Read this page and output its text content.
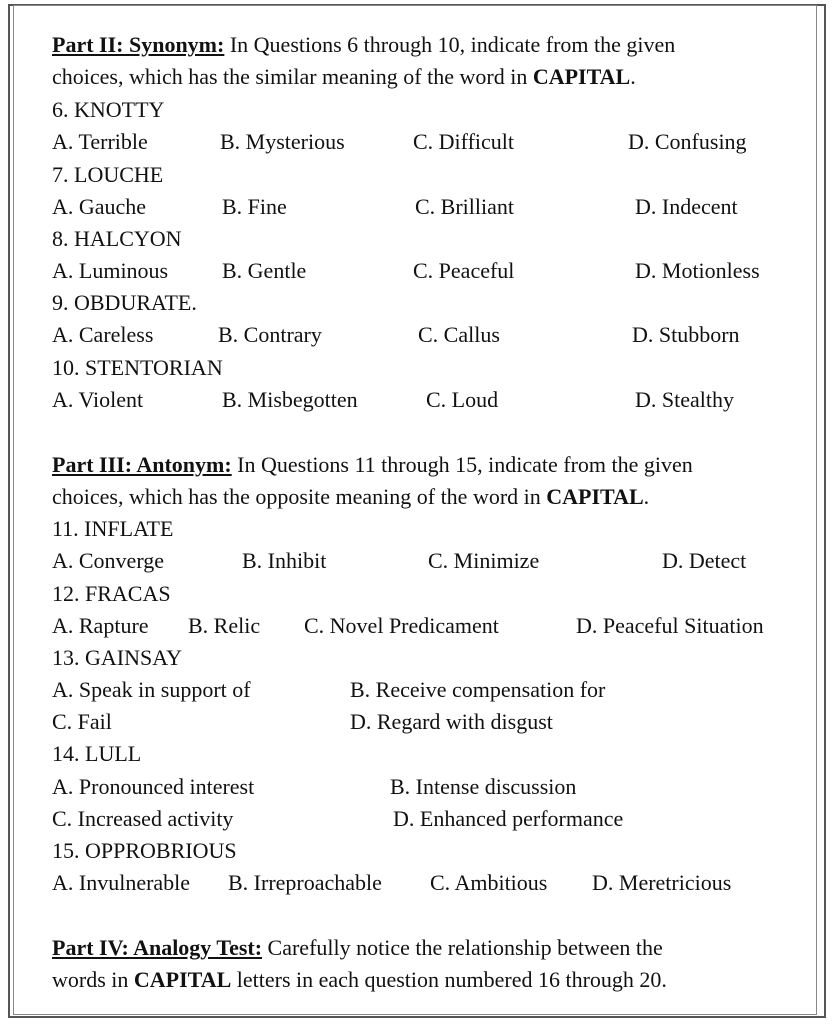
Part II: Synonym: In Questions 6 through 10, indicate from the given
choices, which has the similar meaning of the word in CAPITAL.
6. KNOTTY
A. Terrible	B. Mysterious	C. Difficult	D. Confusing
7. LOUCHE
A. Gauche	B. Fine	C. Brilliant	D. Indecent
8. HALCYON
A. Luminous B. Gentle	C. Peaceful	D. Motionless
9. OBDURATE.
A. Careless	B. Contrary	C. Callus	D. Stubborn
10. STENTORIAN
A. Violent	B. Misbegotten	C. Loud	D. Stealthy
Part III: Antonym: In Questions 11 through 15, indicate from the given
choices, which has the opposite meaning of the word in CAPITAL.
11. INFLATE
A. Converge	B. Inhibit	C. Minimize	D. Detect
12. FRACAS
A. Rapture B. Relic C. Novel Predicament	D. Peaceful Situation
13. GAINSAY
A. Speak in support of	B. Receive compensation for
C. Fail	D. Regard with disgust
14. LULL
A. Pronounced interest	B. Intense discussion
C. Increased activity	D. Enhanced performance
15. OPPROBRIOUS
A. Invulnerable B. Irreproachable C. Ambitious D. Meretricious
Part IV: Analogy Test: Carefully notice the relationship between the
words in CAPITAL letters in each question numbered 16 through 20.
